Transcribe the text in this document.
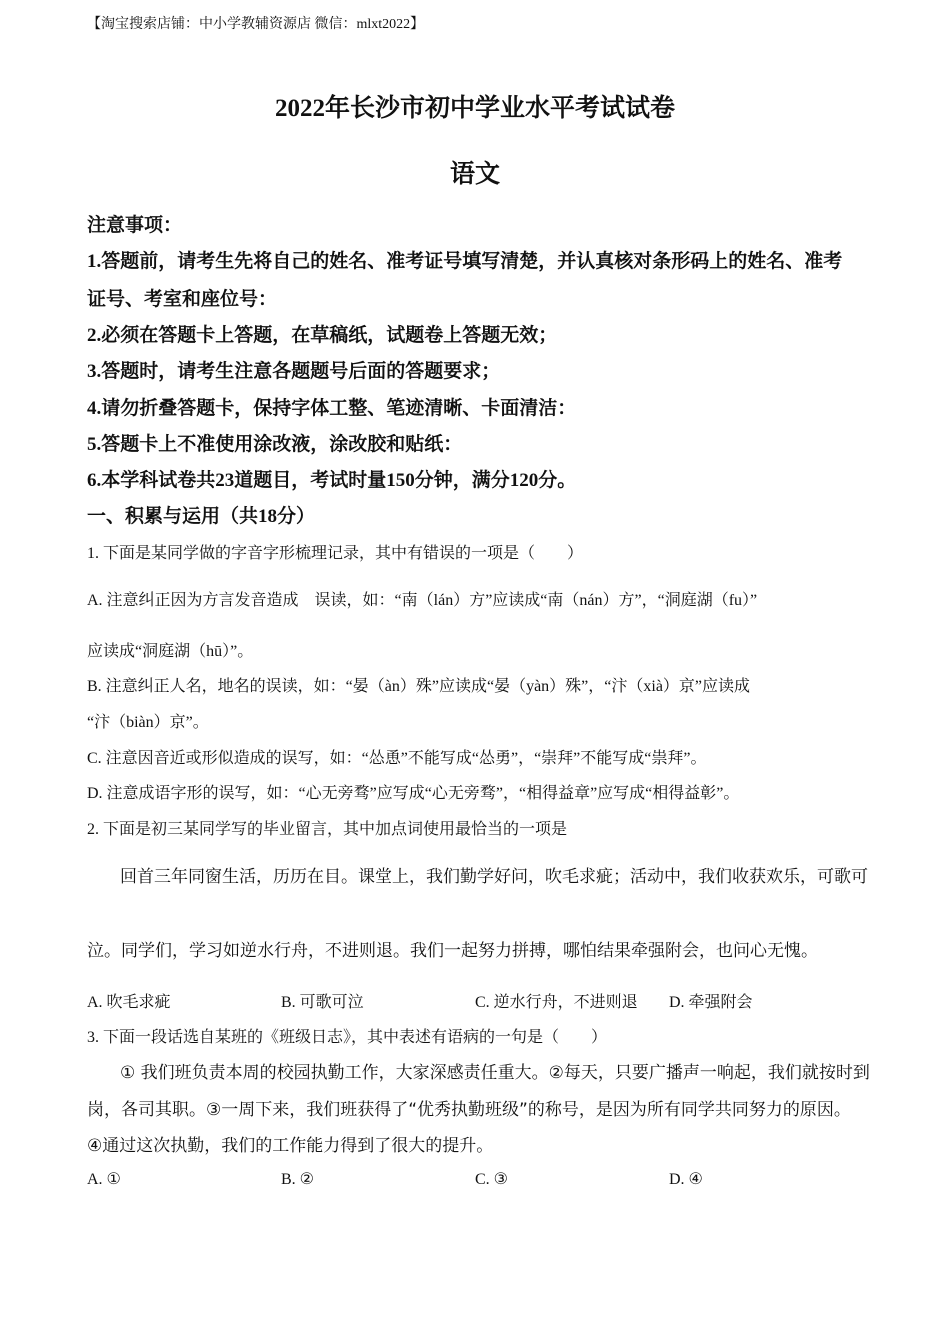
【淘宝搜索店铺：中小学教辅资源店 微信：mlxt2022】
2022年长沙市初中学业水平考试试卷
语文
注意事项：
1.答题前，请考生先将自己的姓名、准考证号填写清楚，并认真核对条形码上的姓名、准考
证号、考室和座位号：
2.必须在答题卡上答题，在草稿纸，试题卷上答题无效；
3.答题时，请考生注意各题题号后面的答题要求；
4.请勿折叠答题卡，保持字体工整、笔迹清晰、卡面清洁：
5.答题卡上不准使用涂改液，涂改胶和贴纸：
6.本学科试卷共23道题目，考试时量150分钟，满分120分。
一、积累与运用（共18分）
1. 下面是某同学做的字音字形梳理记录，其中有错误的一项是（　　）
A. 注意纠正因为方言发音造成　误读，如：“南（lán）方”应读成“南（nán）方”，“洞庭湖（fu）”
应读成“洞庭湖（hū）”。
B. 注意纠正人名，地名的误读，如：“晏（àn）殊”应读成“晏（yàn）殊”，“汴（xià）京”应读成
“汴（biàn）京”。
C. 注意因音近或形似造成的误写，如：“怂恿”不能写成“怂勇”，“崇拜”不能写成“祟拜”。
D. 注意成语字形的误写，如：“心无旁骛”应写成“心无旁骛”，“相得益章”应写成“相得益彰”。
2. 下面是初三某同学写的毕业留言，其中加点词使用最恰当的一项是
回首三年同窗生活，历历在目。课堂上，我们勤学好问，吹毛求疵；活动中，我们收获欢乐，可歌可
泣。同学们，学习如逆水行舟，不进则退。我们一起努力拼搏，哪怕结果牵强附会，也问心无愧。
A. 吹毛求疵	B. 可歌可泣	C. 逆水行舟，不进则退 D. 牵强附会
3. 下面一段话选自某班的《班级日志》，其中表述有语病的一句是（　　）
① 我们班负责本周的校园执勤工作，大家深感责任重大。②每天，只要广播声一响起，我们就按时到
岗，各司其职。③一周下来，我们班获得了“优秀执勤班级”的称号，是因为所有同学共同努力的原因。
④通过这次执勤，我们的工作能力得到了很大的提升。
A. ①	B. ②	C. ③	D. ④
